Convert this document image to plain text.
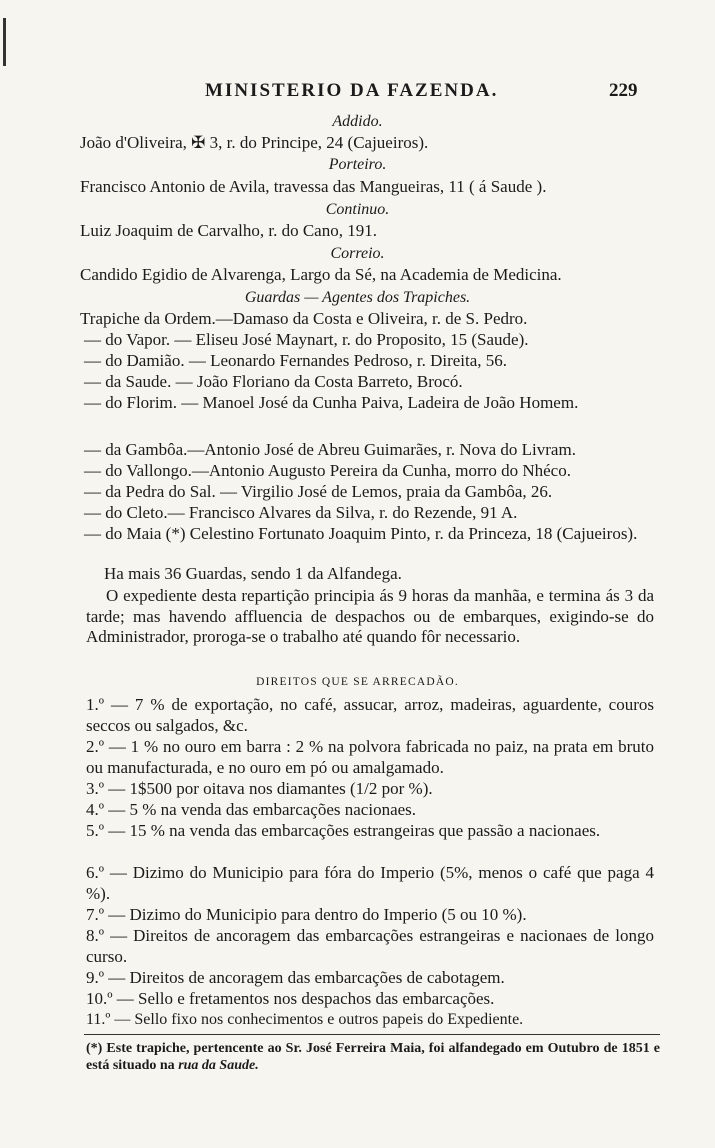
MINISTERIO DA FAZENDA.	229
Addido.
João d'Oliveira, ✠ 3, r. do Principe, 24 (Cajueiros).
Porteiro.
Francisco Antonio de Avila, travessa das Mangueiras, 11 ( á Saude ).
Continuo.
Luiz Joaquim de Carvalho, r. do Cano, 191.
Correio.
Candido Egidio de Alvarenga, Largo da Sé, na Academia de Medicina.
Guardas — Agentes dos Trapiches.
Trapiche da Ordem.—Damaso da Costa e Oliveira, r. de S. Pedro.
— do Vapor. — Eliseu José Maynart, r. do Proposito, 15 (Saude).
— do Damião. — Leonardo Fernandes Pedroso, r. Direita, 56.
— da Saude. — João Floriano da Costa Barreto, Brocó.
— do Florim. — Manoel José da Cunha Paiva, Ladeira de João Homem.
— da Gambôa.—Antonio José de Abreu Guimarães, r. Nova do Livram.
— do Vallongo.—Antonio Augusto Pereira da Cunha, morro do Nhéco.
— da Pedra do Sal. — Virgilio José de Lemos, praia da Gambôa, 26.
— do Cleto.— Francisco Alvares da Silva, r. do Rezende, 91 A.
— do Maia (*) Celestino Fortunato Joaquim Pinto, r. da Princeza, 18 (Cajueiros).
Ha mais 36 Guardas, sendo 1 da Alfandega.
O expediente desta repartição principia ás 9 horas da manhãa, e termina ás 3 da tarde; mas havendo affluencia de despachos ou de embarques, exigindo-se do Administrador, proroga-se o trabalho até quando fôr necessario.
DIREITOS QUE SE ARRECADÃO.
1.º — 7 % de exportação, no café, assucar, arroz, madeiras, aguardente, couros seccos ou salgados, &c.
2.º — 1 % no ouro em barra : 2 % na polvora fabricada no paiz, na prata em bruto ou manufacturada, e no ouro em pó ou amalgamado.
3.º — 1$500 por oitava nos diamantes (1/2 por %).
4.º — 5 % na venda das embarcações nacionaes.
5.º — 15 % na venda das embarcações estrangeiras que passão a nacionaes.
6.º — Dizimo do Municipio para fóra do Imperio (5%, menos o café que paga 4 %).
7.º — Dizimo do Municipio para dentro do Imperio (5 ou 10 %).
8.º — Direitos de ancoragem das embarcações estrangeiras e nacionaes de longo curso.
9.º — Direitos de ancoragem das embarcações de cabotagem.
10.º — Sello e fretamentos nos despachos das embarcações.
11.º — Sello fixo nos conhecimentos e outros papeis do Expediente.
(*) Este trapiche, pertencente ao Sr. José Ferreira Maia, foi alfandegado em Outubro de 1851 e está situado na rua da Saude.
